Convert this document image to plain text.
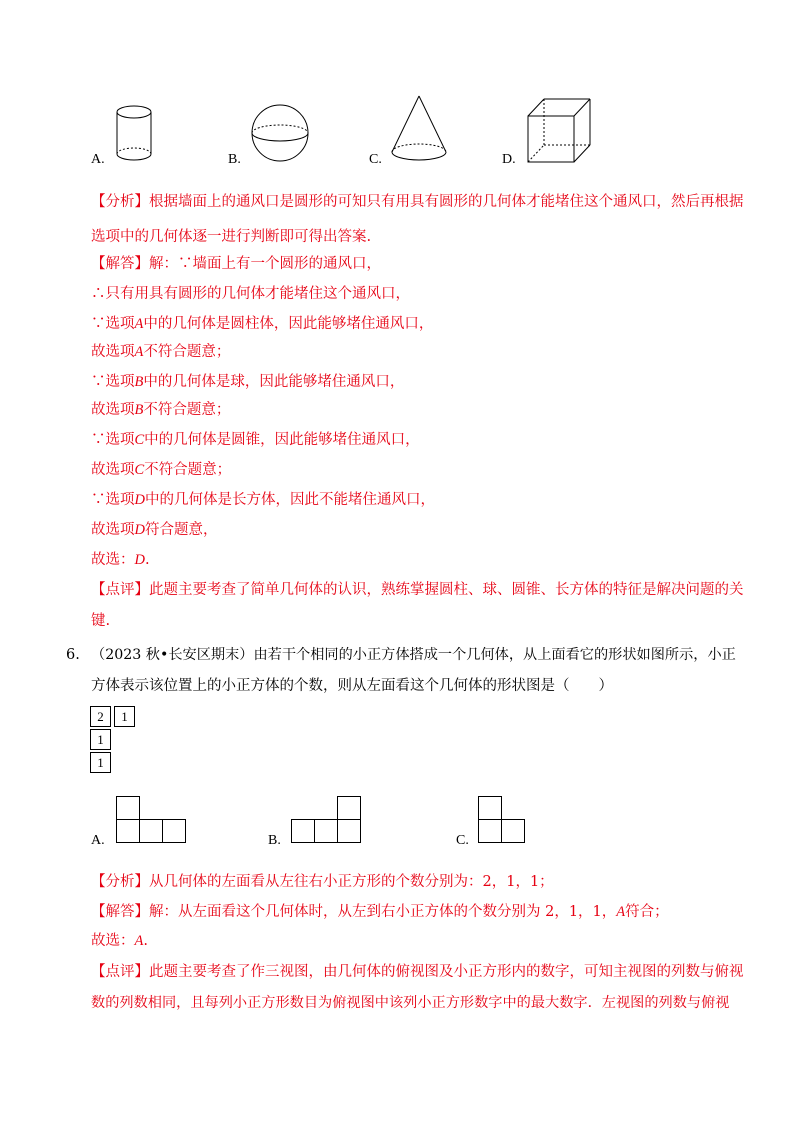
A.	B.	C.	D.
【分析】根据墙面上的通风口是圆形的可知只有用具有圆形的几何体才能堵住这个通风口，然后再根据
选项中的几何体逐一进行判断即可得出答案.
【解答】解：∵墙面上有一个圆形的通风口，
∴只有用具有圆形的几何体才能堵住这个通风口，
∵选项A中的几何体是圆柱体，因此能够堵住通风口，
故选项A不符合题意；
∵选项B中的几何体是球，因此能够堵住通风口，
故选项B不符合题意；
∵选项C中的几何体是圆锥，因此能够堵住通风口，
故选项C不符合题意；
∵选项D中的几何体是长方体，因此不能堵住通风口，
故选项D符合题意，
故选：D.
【点评】此题主要考查了简单几何体的认识，熟练掌握圆柱、球、圆锥、长方体的特征是解决问题的关
键.
6. （2023 秋•长安区期末）由若干个相同的小正方体搭成一个几何体，从上面看它的形状如图所示，小正
方体表示该位置上的小正方体的个数，则从左面看这个几何体的形状图是（　　）
2	1
1
1
A.	B.	C.
【分析】从几何体的左面看从左往右小正方形的个数分别为：2，1，1；
【解答】解：从左面看这个几何体时，从左到右小正方体的个数分别为 2，1，1，A符合；
故选：A.
【点评】此题主要考查了作三视图，由几何体的俯视图及小正方形内的数字，可知主视图的列数与俯视
数的列数相同，且每列小正方形数目为俯视图中该列小正方形数字中的最大数字．左视图的列数与俯视
